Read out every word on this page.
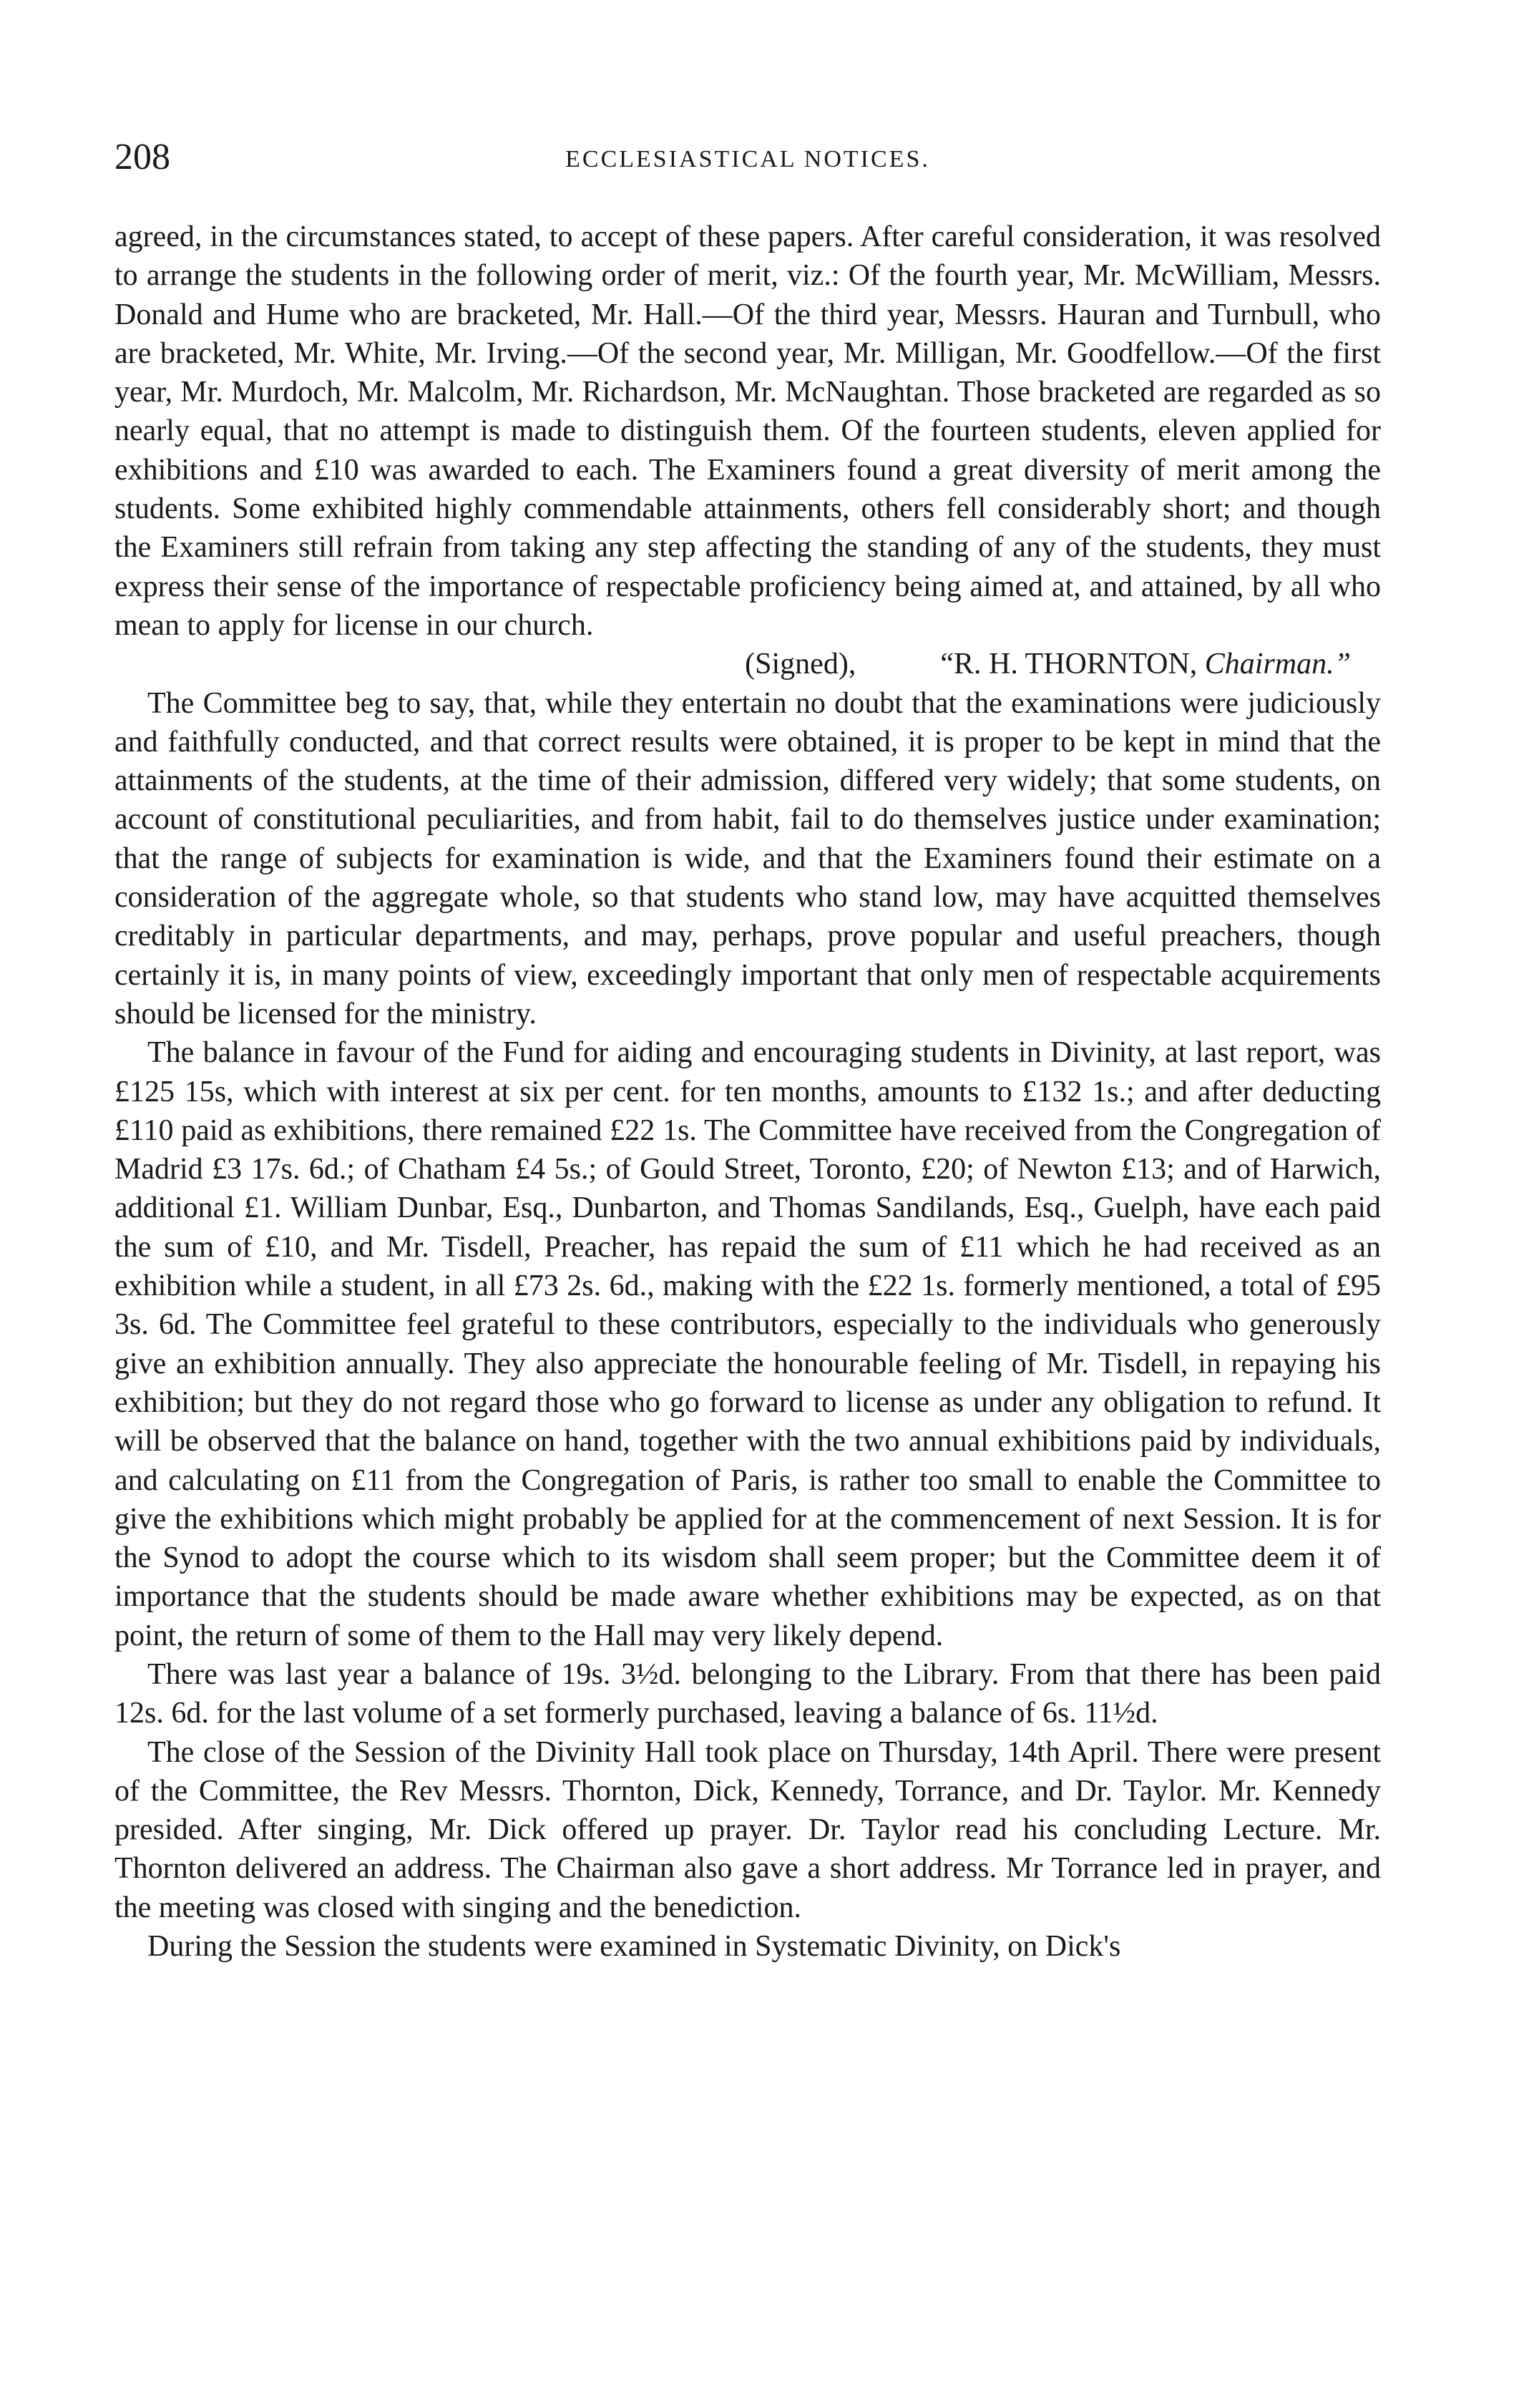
208	ECCLESIASTICAL NOTICES.

agreed, in the circumstances stated, to accept of these papers. After careful consideration, it was resolved to arrange the students in the following order of merit, viz.: Of the fourth year, Mr. McWilliam, Messrs. Donald and Hume who are bracketed, Mr. Hall.—Of the third year, Messrs. Hauran and Turnbull, who are bracketed, Mr. White, Mr. Irving.—Of the second year, Mr. Milligan, Mr. Goodfellow.—Of the first year, Mr. Murdoch, Mr. Malcolm, Mr. Richardson, Mr. McNaughtan. Those bracketed are regarded as so nearly equal, that no attempt is made to distinguish them. Of the fourteen students, eleven applied for exhibitions and £10 was awarded to each. The Examiners found a great diversity of merit among the students. Some exhibited highly commendable attainments, others fell considerably short; and though the Examiners still refrain from taking any step affecting the standing of any of the students, they must express their sense of the importance of respectable proficiency being aimed at, and attained, by all who mean to apply for license in our church.

(Signed),	“R. H. THORNTON, Chairman.”

The Committee beg to say, that, while they entertain no doubt that the examinations were judiciously and faithfully conducted, and that correct results were obtained, it is proper to be kept in mind that the attainments of the students, at the time of their admission, differed very widely; that some students, on account of constitutional peculiarities, and from habit, fail to do themselves justice under examination; that the range of subjects for examination is wide, and that the Examiners found their estimate on a consideration of the aggregate whole, so that students who stand low, may have acquitted themselves creditably in particular departments, and may, perhaps, prove popular and useful preachers, though certainly it is, in many points of view, exceedingly important that only men of respectable acquirements should be licensed for the ministry.

The balance in favour of the Fund for aiding and encouraging students in Divinity, at last report, was £125 15s, which with interest at six per cent. for ten months, amounts to £132 1s.; and after deducting £110 paid as exhibitions, there remained £22 1s. The Committee have received from the Congregation of Madrid £3 17s. 6d.; of Chatham £4 5s.; of Gould Street, Toronto, £20; of Newton £13; and of Harwich, additional £1. William Dunbar, Esq., Dunbarton, and Thomas Sandilands, Esq., Guelph, have each paid the sum of £10, and Mr. Tisdell, Preacher, has repaid the sum of £11 which he had received as an exhibition while a student, in all £73 2s. 6d., making with the £22 1s. formerly mentioned, a total of £95 3s. 6d. The Committee feel grateful to these contributors, especially to the individuals who generously give an exhibition annually. They also appreciate the honourable feeling of Mr. Tisdell, in repaying his exhibition; but they do not regard those who go forward to license as under any obligation to refund. It will be observed that the balance on hand, together with the two annual exhibitions paid by individuals, and calculating on £11 from the Congregation of Paris, is rather too small to enable the Committee to give the exhibitions which might probably be applied for at the commencement of next Session. It is for the Synod to adopt the course which to its wisdom shall seem proper; but the Committee deem it of importance that the students should be made aware whether exhibitions may be expected, as on that point, the return of some of them to the Hall may very likely depend.

There was last year a balance of 19s. 3½d. belonging to the Library. From that there has been paid 12s. 6d. for the last volume of a set formerly purchased, leaving a balance of 6s. 11½d.

The close of the Session of the Divinity Hall took place on Thursday, 14th April. There were present of the Committee, the Rev Messrs. Thornton, Dick, Kennedy, Torrance, and Dr. Taylor. Mr. Kennedy presided. After singing, Mr. Dick offered up prayer. Dr. Taylor read his concluding Lecture. Mr. Thornton delivered an address. The Chairman also gave a short address. Mr Torrance led in prayer, and the meeting was closed with singing and the benediction.

During the Session the students were examined in Systematic Divinity, on Dick's
